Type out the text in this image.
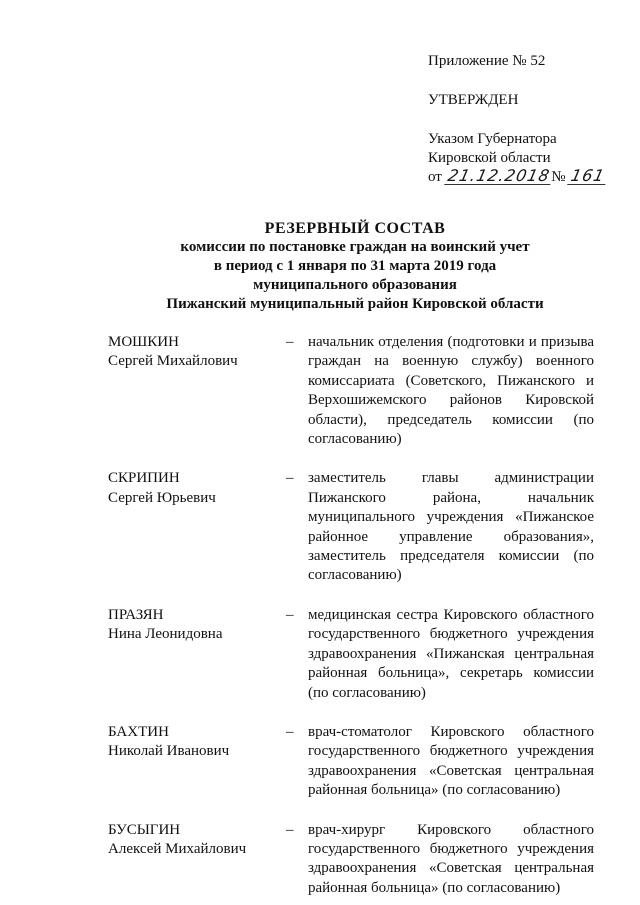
Приложение № 52
УТВЕРЖДЕН
Указом Губернатора
Кировской области
от 21.12.2018№ 161
РЕЗЕРВНЫЙ СОСТАВ
комиссии по постановке граждан на воинский учет
в период с 1 января по 31 марта 2019 года
муниципального образования
Пижанский муниципальный район Кировской области
МОШКИН
Сергей Михайлович
– начальник отделения (подготовки и призыва граждан на военную службу) военного комиссариата (Советского, Пижанского и Верхошижемского районов Кировской области), председатель комиссии (по согласованию)
СКРИПИН
Сергей Юрьевич
– заместитель главы администрации Пижанского района, начальник муниципального учреждения «Пижанское районное управление образования», заместитель председателя комиссии (по согласованию)
ПРАЗЯН
Нина Леонидовна
– медицинская сестра Кировского областного государственного бюджетного учреждения здравоохранения «Пижанская центральная районная больница», секретарь комиссии (по согласованию)
БАХТИН
Николай Иванович
– врач-стоматолог Кировского областного государственного бюджетного учреждения здравоохранения «Советская центральная районная больница» (по согласованию)
БУСЫГИН
Алексей Михайлович
– врач-хирург Кировского областного государственного бюджетного учреждения здравоохранения «Советская центральная районная больница» (по согласованию)
